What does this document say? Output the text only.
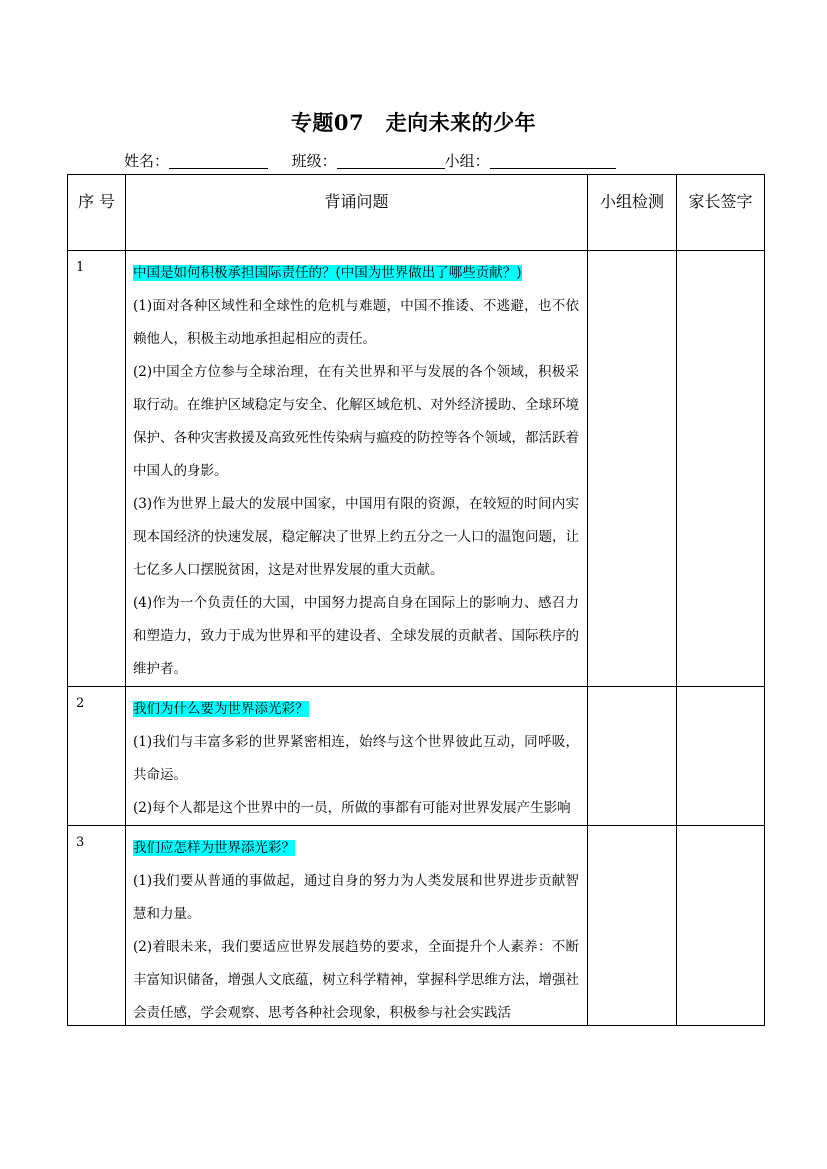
专题07　走向未来的少年
姓名：	班级：	小组：
序 号	背诵问题	小组检测	家长签字
1	中国是如何积极承担国际责任的？(中国为世界做出了哪些贡献？)

(1)面对各种区域性和全球性的危机与难题，中国不推诿、不逃避，也不依赖他人，积极主动地承担起相应的责任。

(2)中国全方位参与全球治理，在有关世界和平与发展的各个领域，积极采取行动。在维护区域稳定与安全、化解区域危机、对外经济援助、全球环境保护、各种灾害救援及高致死性传染病与瘟疫的防控等各个领域，都活跃着中国人的身影。

(3)作为世界上最大的发展中国家，中国用有限的资源，在较短的时间内实现本国经济的快速发展，稳定解决了世界上约五分之一人口的温饱问题，让七亿多人口摆脱贫困，这是对世界发展的重大贡献。

(4)作为一个负责任的大国，中国努力提高自身在国际上的影响力、感召力和塑造力，致力于成为世界和平的建设者、全球发展的贡献者、国际秩序的维护者。		

2	我们为什么要为世界添光彩？

(1)我们与丰富多彩的世界紧密相连，始终与这个世界彼此互动，同呼吸，共命运。

(2)每个人都是这个世界中的一员，所做的事都有可能对世界发展产生影响		

3	我们应怎样为世界添光彩？

(1)我们要从普通的事做起，通过自身的努力为人类发展和世界进步贡献智慧和力量。

(2)着眼未来，我们要适应世界发展趋势的要求，全面提升个人素养：不断丰富知识储备，增强人文底蕴，树立科学精神，掌握科学思维方法，增强社会责任感，学会观察、思考各种社会现象，积极参与社会实践活		
